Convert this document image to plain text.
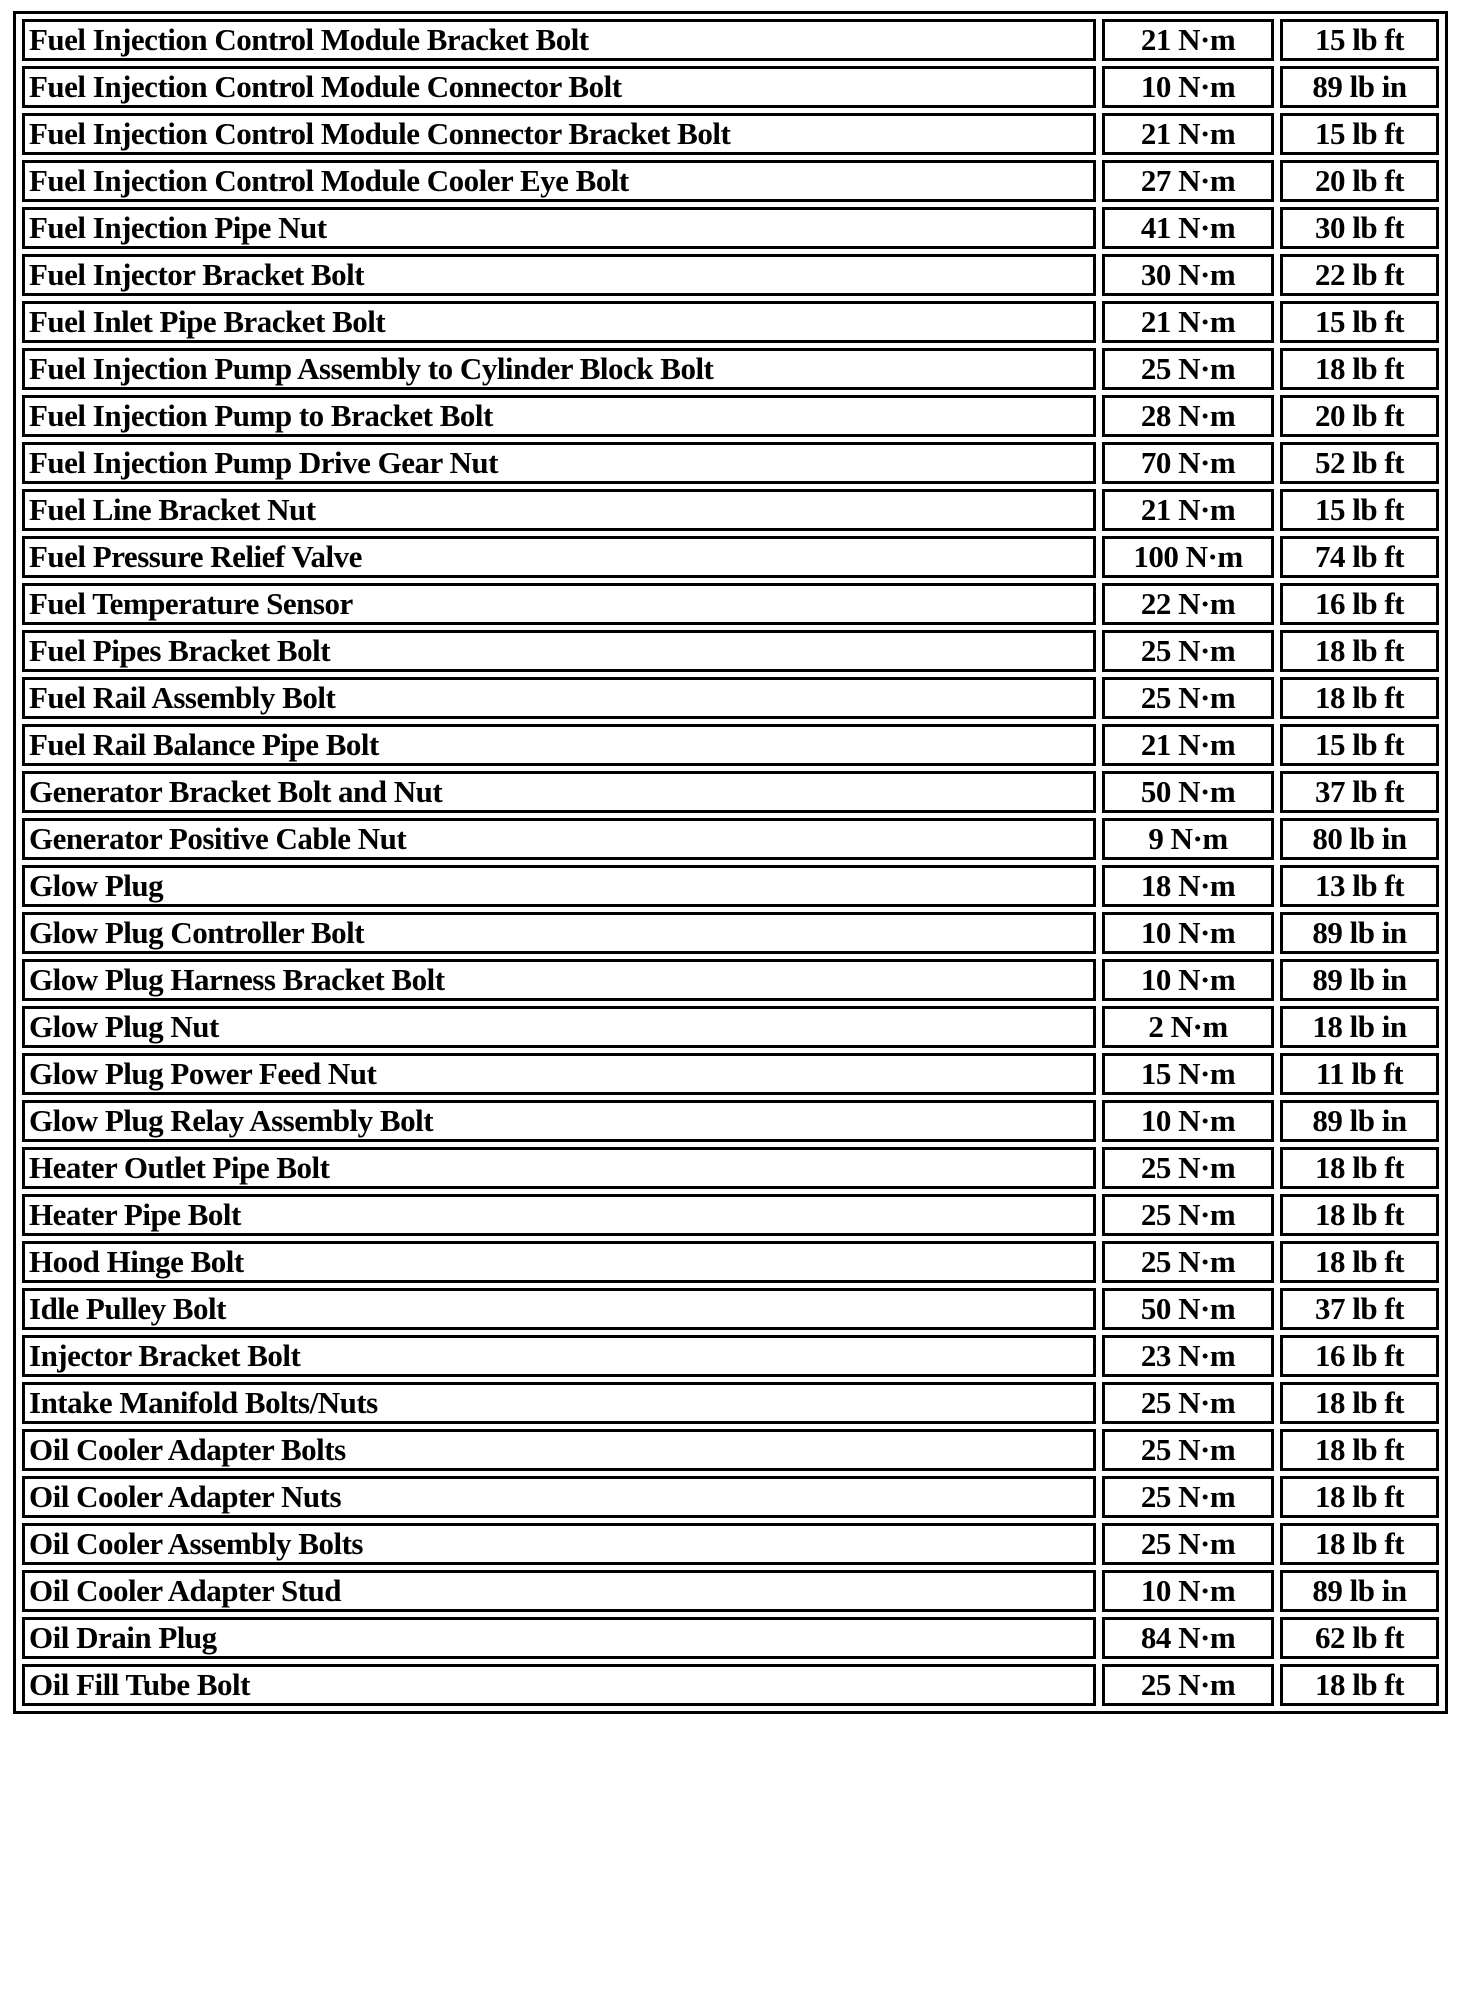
Fuel Injection Control Module Bracket Bolt	21 N·m	15 lb ft
Fuel Injection Control Module Connector Bolt	10 N·m	89 lb in
Fuel Injection Control Module Connector Bracket Bolt	21 N·m	15 lb ft
Fuel Injection Control Module Cooler Eye Bolt	27 N·m	20 lb ft
Fuel Injection Pipe Nut	41 N·m	30 lb ft
Fuel Injector Bracket Bolt	30 N·m	22 lb ft
Fuel Inlet Pipe Bracket Bolt	21 N·m	15 lb ft
Fuel Injection Pump Assembly to Cylinder Block Bolt	25 N·m	18 lb ft
Fuel Injection Pump to Bracket Bolt	28 N·m	20 lb ft
Fuel Injection Pump Drive Gear Nut	70 N·m	52 lb ft
Fuel Line Bracket Nut	21 N·m	15 lb ft
Fuel Pressure Relief Valve	100 N·m	74 lb ft
Fuel Temperature Sensor	22 N·m	16 lb ft
Fuel Pipes Bracket Bolt	25 N·m	18 lb ft
Fuel Rail Assembly Bolt	25 N·m	18 lb ft
Fuel Rail Balance Pipe Bolt	21 N·m	15 lb ft
Generator Bracket Bolt and Nut	50 N·m	37 lb ft
Generator Positive Cable Nut	9 N·m	80 lb in
Glow Plug	18 N·m	13 lb ft
Glow Plug Controller Bolt	10 N·m	89 lb in
Glow Plug Harness Bracket Bolt	10 N·m	89 lb in
Glow Plug Nut	2 N·m	18 lb in
Glow Plug Power Feed Nut	15 N·m	11 lb ft
Glow Plug Relay Assembly Bolt	10 N·m	89 lb in
Heater Outlet Pipe Bolt	25 N·m	18 lb ft
Heater Pipe Bolt	25 N·m	18 lb ft
Hood Hinge Bolt	25 N·m	18 lb ft
Idle Pulley Bolt	50 N·m	37 lb ft
Injector Bracket Bolt	23 N·m	16 lb ft
Intake Manifold Bolts/Nuts	25 N·m	18 lb ft
Oil Cooler Adapter Bolts	25 N·m	18 lb ft
Oil Cooler Adapter Nuts	25 N·m	18 lb ft
Oil Cooler Assembly Bolts	25 N·m	18 lb ft
Oil Cooler Adapter Stud	10 N·m	89 lb in
Oil Drain Plug	84 N·m	62 lb ft
Oil Fill Tube Bolt	25 N·m	18 lb ft
